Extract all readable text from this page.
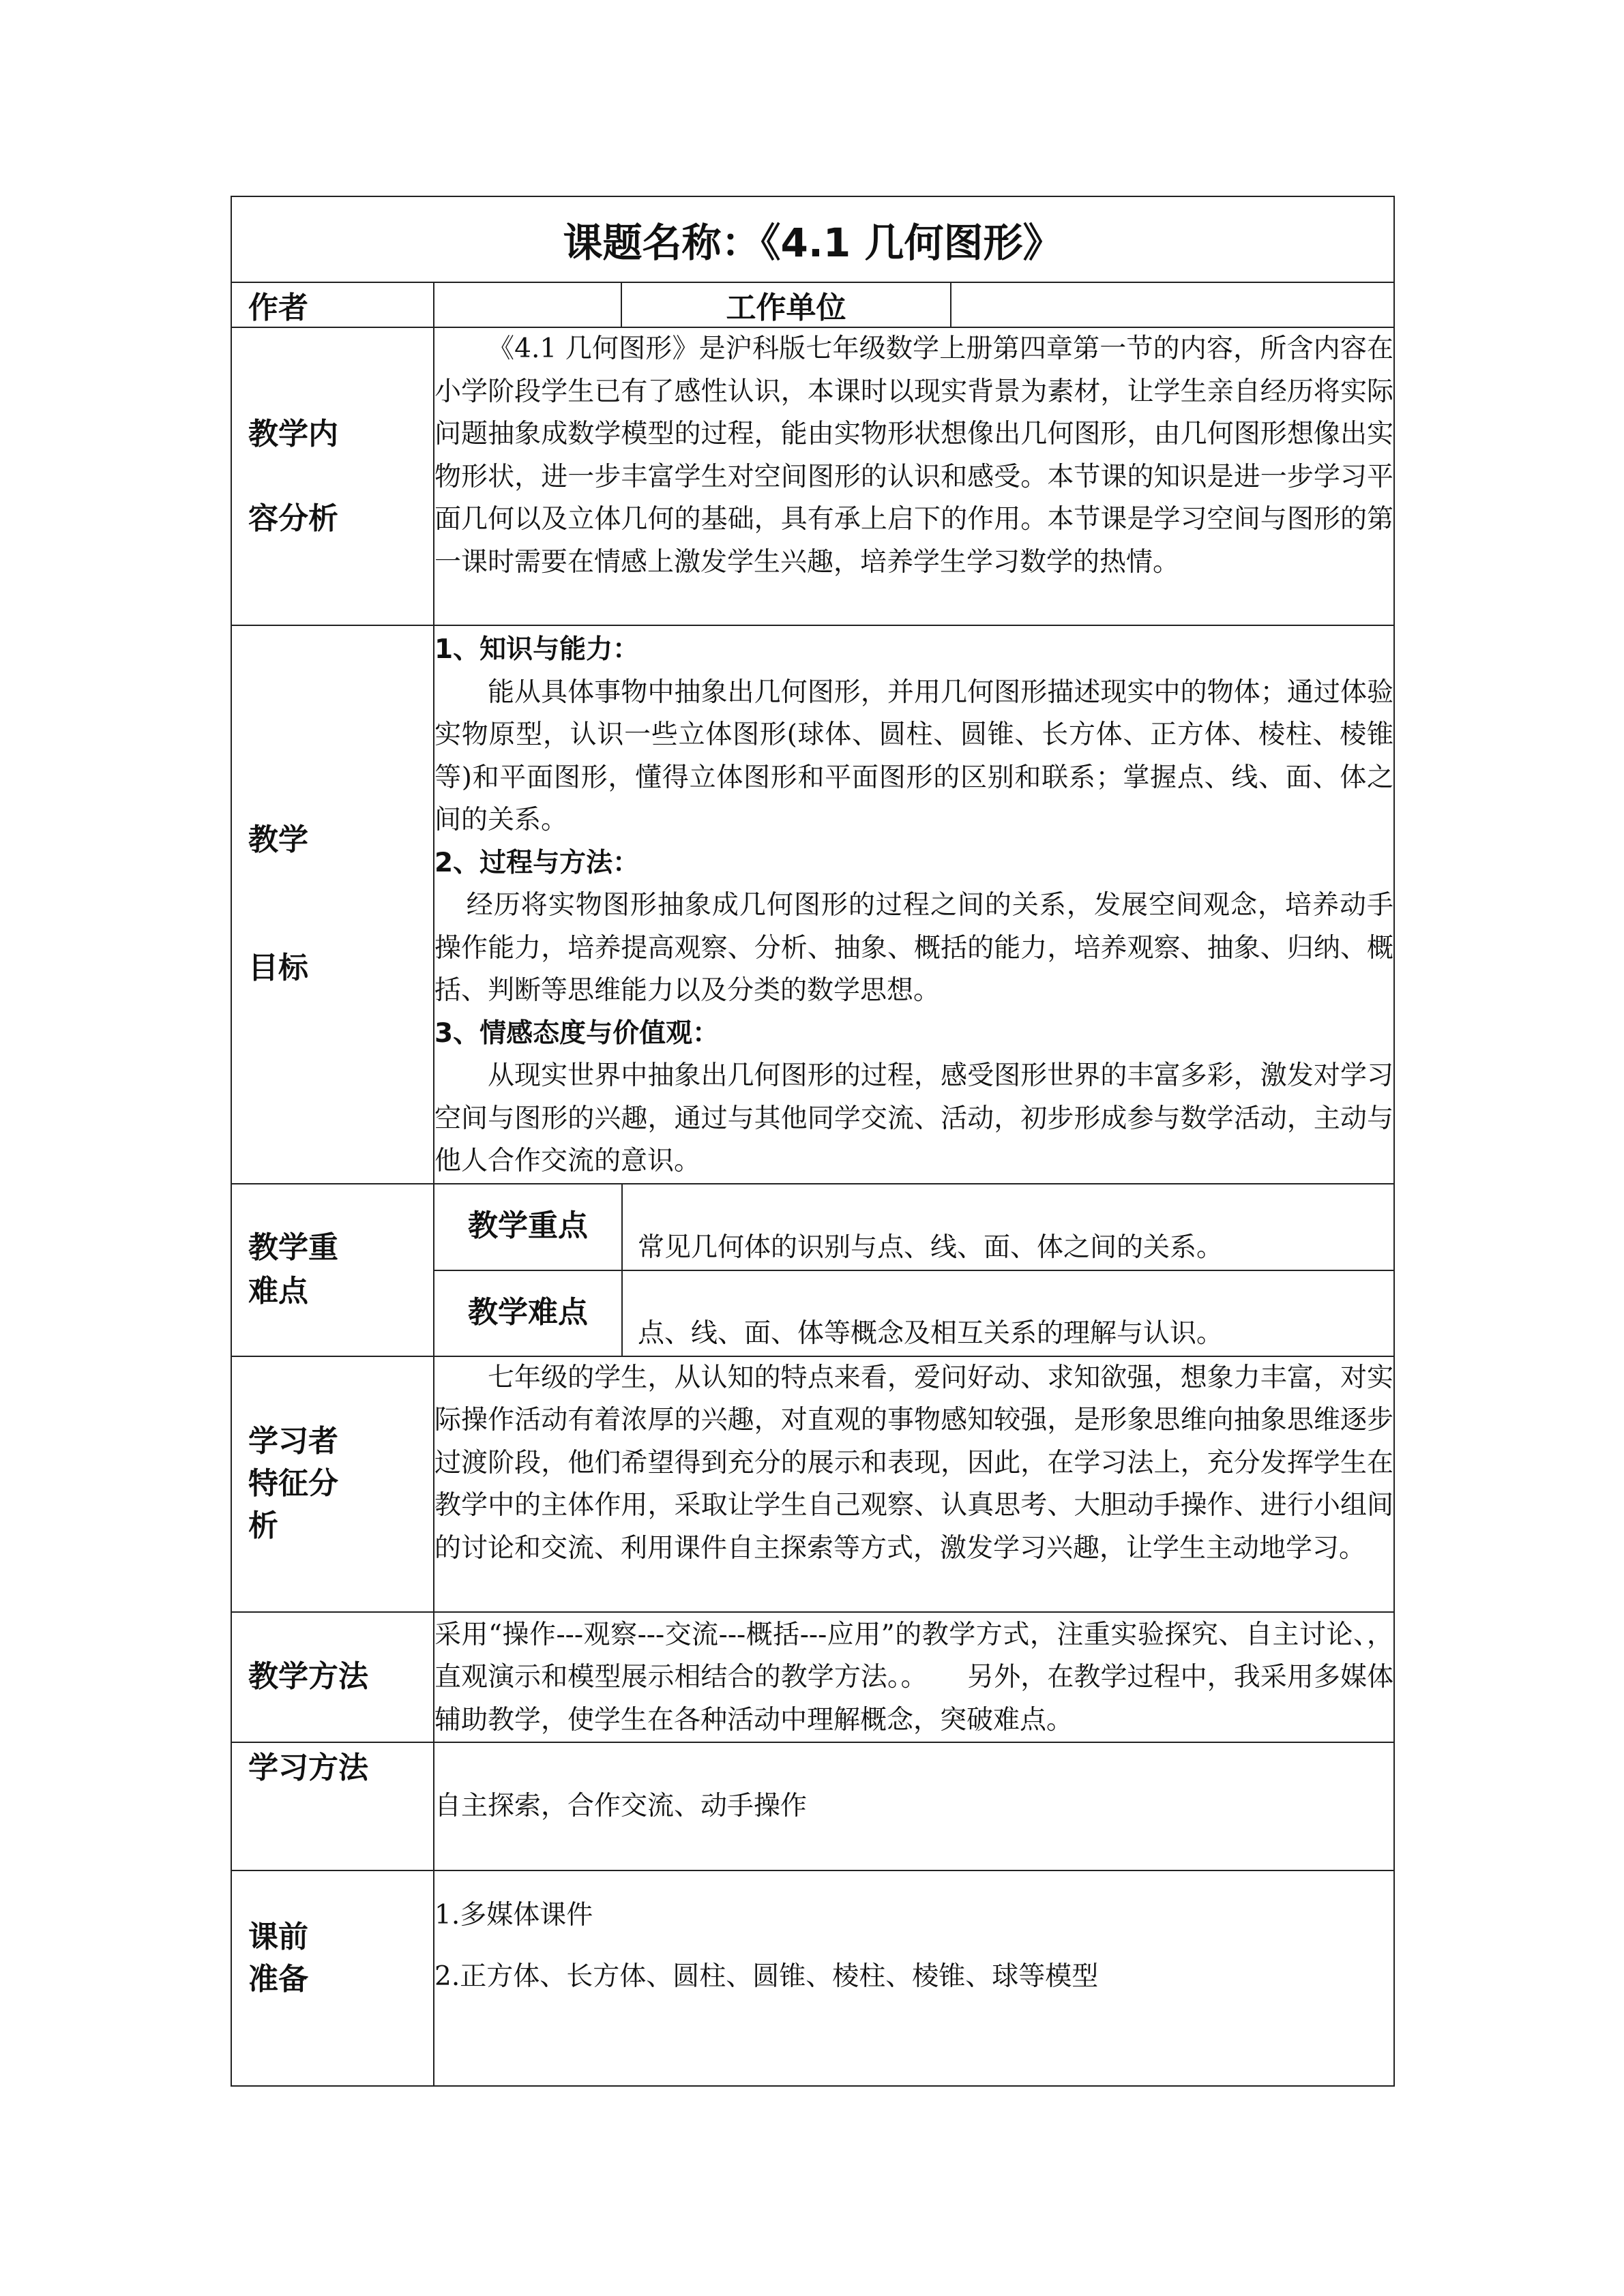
课题名称：《4.1 几何图形》
作者		工作单位	

教学内
容分析

《4.1 几何图形》是沪科版七年级数学上册第四章第一节的内容，所含内容在小学阶段学生已有了感性认识，本课时以现实背景为素材，让学生亲自经历将实际问题抽象成数学模型的过程，能由实物形状想像出几何图形，由几何图形想像出实物形状，进一步丰富学生对空间图形的认识和感受。本节课的知识是进一步学习平面几何以及立体几何的基础，具有承上启下的作用。本节课是学习空间与图形的第一课时需要在情感上激发学生兴趣，培养学生学习数学的热情。

教学
目标

1、知识与能力：
能从具体事物中抽象出几何图形，并用几何图形描述现实中的物体；通过体验实物原型，认识一些立体图形(球体、圆柱、圆锥、长方体、正方体、棱柱、棱锥等)和平面图形，懂得立体图形和平面图形的区别和联系；掌握点、线、面、体之间的关系。
2、过程与方法：
经历将实物图形抽象成几何图形的过程之间的关系，发展空间观念，培养动手操作能力，培养提高观察、分析、抽象、概括的能力，培养观察、抽象、归纳、概括、判断等思维能力以及分类的数学思想。
3、情感态度与价值观：
从现实世界中抽象出几何图形的过程，感受图形世界的丰富多彩，激发对学习空间与图形的兴趣，通过与其他同学交流、活动，初步形成参与数学活动，主动与他人合作交流的意识。

教学重
难点

教学重点	常见几何体的识别与点、线、面、体之间的关系。
教学难点	点、线、面、体等概念及相互关系的理解与认识。

学习者
特征分
析

七年级的学生，从认知的特点来看，爱问好动、求知欲强，想象力丰富，对实际操作活动有着浓厚的兴趣，对直观的事物感知较强，是形象思维向抽象思维逐步过渡阶段，他们希望得到充分的展示和表现，因此，在学习法上，充分发挥学生在教学中的主体作用，采取让学生自己观察、认真思考、大胆动手操作、进行小组间的讨论和交流、利用课件自主探索等方式，激发学习兴趣，让学生主动地学习。

教学方法	
采用“操作---观察---交流---概括---应用”的教学方式，注重实验探究、自主讨论、，直观演示和模型展示相结合的教学方法。。　　另外，在教学过程中，我采用多媒体辅助教学，使学生在各种活动中理解概念，突破难点。

学习方法	
自主探索，合作交流、动手操作

课前
准备

1.多媒体课件
2.正方体、长方体、圆柱、圆锥、棱柱、棱锥、球等模型
